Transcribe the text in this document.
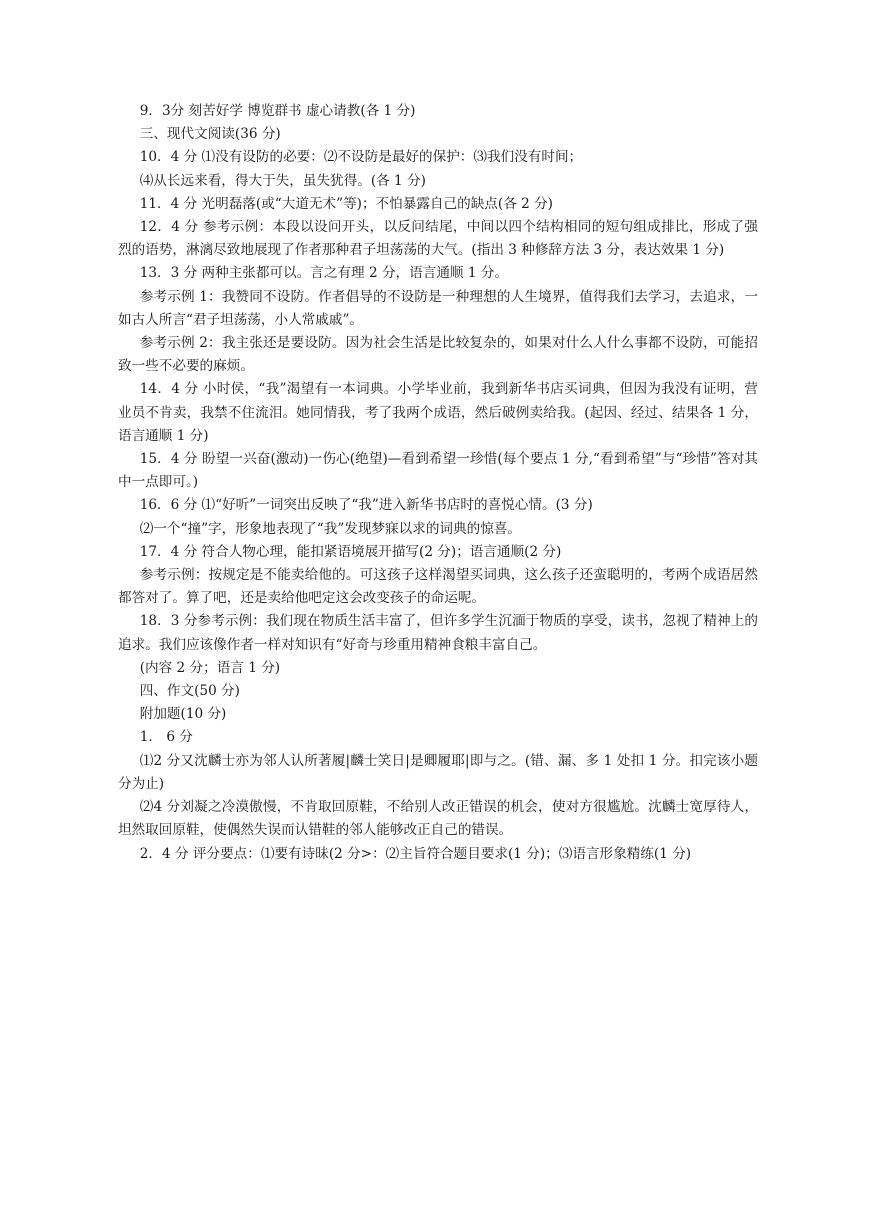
9．3分 刻苦好学 博览群书 虚心请教(各 1 分)

三、现代文阅读(36 分)

10．4 分 ⑴没有设防的必要：⑵不设防是最好的保护：⑶我们没有时间；

⑷从长远来看，得大于失，虽失犹得。(各 1 分)

11．4 分 光明磊落(或“大道无术”等)；不怕暴露自己的缺点(各 2 分)

12．4 分 参考示例：本段以设问开头，以反问结尾，中间以四个结构相同的短句组成排比，形成了强烈的语势，淋漓尽致地展现了作者那种君子坦荡荡的大气。(指出 3 种修辞方法 3 分，表达效果 1 分)

13．3 分 两种主张都可以。言之有理 2 分，语言通顺 1 分。

参考示例 1：我赞同不设防。作者倡导的不设防是一种理想的人生境界，值得我们去学习，去追求，一如古人所言“君子坦荡荡，小人常戚戚”。

参考示例 2：我主张还是要设防。因为社会生活是比较复杂的，如果对什么人什么事都不设防，可能招致一些不必要的麻烦。

14．4 分 小时侯，“我”渴望有一本词典。小学毕业前，我到新华书店买词典，但因为我没有证明，营业员不肯卖，我禁不住流泪。她同情我，考了我两个成语，然后破例卖给我。(起因、经过、结果各 1 分，语言通顺 1 分)

15．4 分 盼望一兴奋(激动)一伤心(绝望)—看到希望一珍惜(每个要点 1 分,“看到希望”与“珍惜”答对其中一点即可。)

16．6 分 ⑴“好听”一词突出反映了“我”进入新华书店时的喜悦心情。(3 分)

⑵一个“撞”字，形象地表现了“我”发现梦寐以求的词典的惊喜。

17．4 分 符合人物心理，能扣紧语境展开描写(2 分)；语言通顺(2 分)

参考示例：按规定是不能卖给他的。可这孩子这样渴望买词典，这么孩子还蛮聪明的，考两个成语居然都答对了。算了吧，还是卖给他吧定这会改变孩子的命运呢。

18．3 分参考示例：我们现在物质生活丰富了，但许多学生沉湎于物质的享受，读书，忽视了精神上的追求。我们应该像作者一样对知识有“好奇与珍重用精神食粮丰富自己。

(内容 2 分；语言 1 分)

四、作文(50 分)

附加题(10 分)

1． 6 分

⑴2 分又沈麟士亦为邻人认所著履|麟士笑日|是卿履耶|即与之。(错、漏、多 1 处扣 1 分。扣完该小题分为止)

⑵4 分刘凝之冷漠傲慢，不肯取回原鞋，不给别人改正错误的机会，使对方很尴尬。沈麟士宽厚待人，坦然取回原鞋，使偶然失误而认错鞋的邻人能够改正自己的错误。

2．4 分 评分要点：⑴要有诗昧(2 分>：⑵主旨符合题目要求(1 分)；⑶语言形象精练(1 分)
